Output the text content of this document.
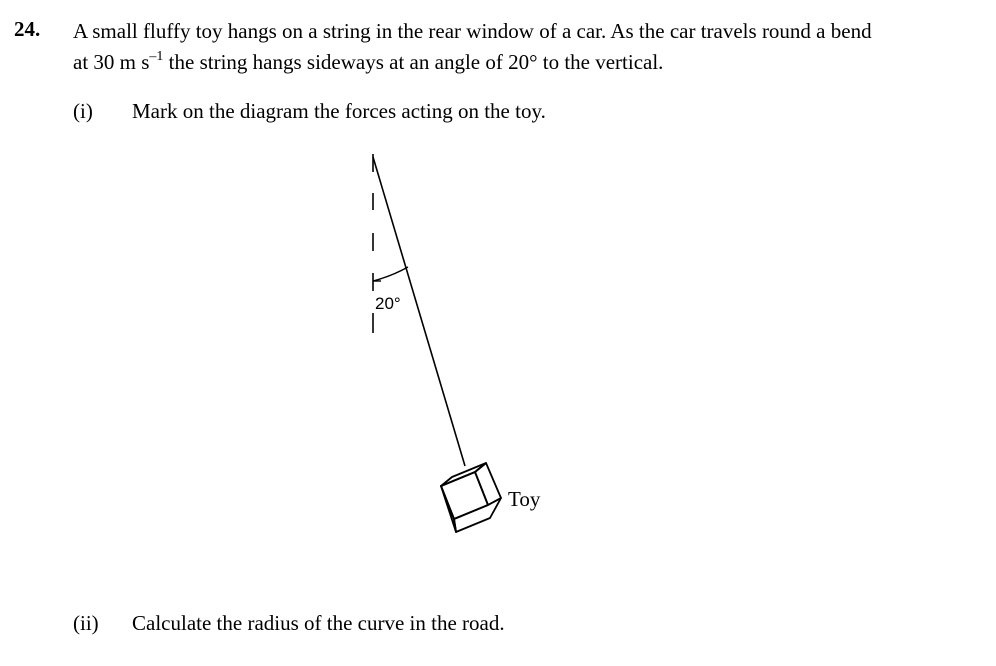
24. A small fluffy toy hangs on a string in the rear window of a car. As the car travels round a bend
at 30 m $s^{-1}$ the string hangs sideways at an angle of 20° to the vertical.
(i) Mark on the diagram the forces acting on the toy.
20°
Toy
(ii) Calculate the radius of the curve in the road.
